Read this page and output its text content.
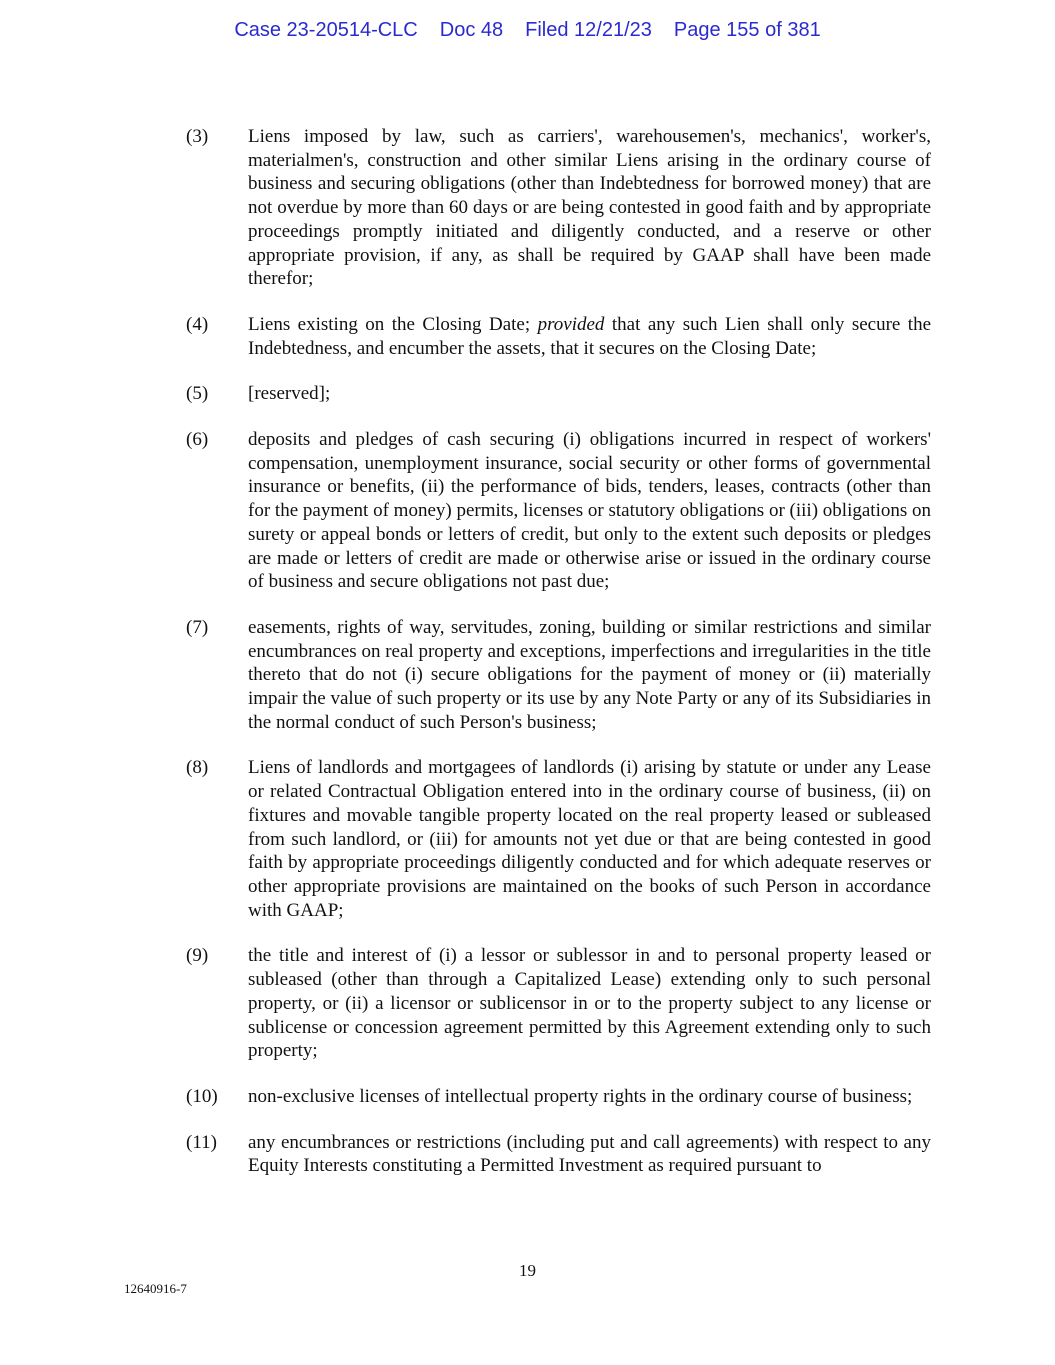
Case 23-20514-CLC Doc 48 Filed 12/21/23 Page 155 of 381
(3) Liens imposed by law, such as carriers', warehousemen's, mechanics', worker's, materialmen's, construction and other similar Liens arising in the ordinary course of business and securing obligations (other than Indebtedness for borrowed money) that are not overdue by more than 60 days or are being contested in good faith and by appropriate proceedings promptly initiated and diligently conducted, and a reserve or other appropriate provision, if any, as shall be required by GAAP shall have been made therefor;
(4) Liens existing on the Closing Date; provided that any such Lien shall only secure the Indebtedness, and encumber the assets, that it secures on the Closing Date;
(5) [reserved];
(6) deposits and pledges of cash securing (i) obligations incurred in respect of workers' compensation, unemployment insurance, social security or other forms of governmental insurance or benefits, (ii) the performance of bids, tenders, leases, contracts (other than for the payment of money) permits, licenses or statutory obligations or (iii) obligations on surety or appeal bonds or letters of credit, but only to the extent such deposits or pledges are made or letters of credit are made or otherwise arise or issued in the ordinary course of business and secure obligations not past due;
(7) easements, rights of way, servitudes, zoning, building or similar restrictions and similar encumbrances on real property and exceptions, imperfections and irregularities in the title thereto that do not (i) secure obligations for the payment of money or (ii) materially impair the value of such property or its use by any Note Party or any of its Subsidiaries in the normal conduct of such Person's business;
(8) Liens of landlords and mortgagees of landlords (i) arising by statute or under any Lease or related Contractual Obligation entered into in the ordinary course of business, (ii) on fixtures and movable tangible property located on the real property leased or subleased from such landlord, or (iii) for amounts not yet due or that are being contested in good faith by appropriate proceedings diligently conducted and for which adequate reserves or other appropriate provisions are maintained on the books of such Person in accordance with GAAP;
(9) the title and interest of (i) a lessor or sublessor in and to personal property leased or subleased (other than through a Capitalized Lease) extending only to such personal property, or (ii) a licensor or sublicensor in or to the property subject to any license or sublicense or concession agreement permitted by this Agreement extending only to such property;
(10) non-exclusive licenses of intellectual property rights in the ordinary course of business;
(11) any encumbrances or restrictions (including put and call agreements) with respect to any Equity Interests constituting a Permitted Investment as required pursuant to
19
12640916-7
